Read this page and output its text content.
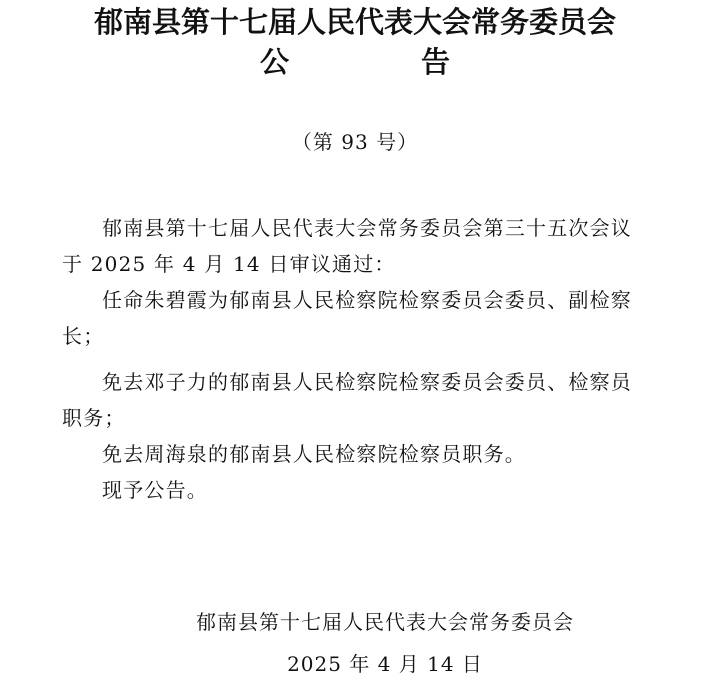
郁南县第十七届人民代表大会常务委员会
公告
（第 93 号）

郁南县第十七届人民代表大会常务委员会第三十五次会议于 2025 年 4 月 14 日审议通过：

任命朱碧霞为郁南县人民检察院检察委员会委员、副检察长；

免去邓子力的郁南县人民检察院检察委员会委员、检察员职务；

免去周海泉的郁南县人民检察院检察员职务。

现予公告。

郁南县第十七届人民代表大会常务委员会
2025 年 4 月 14 日
